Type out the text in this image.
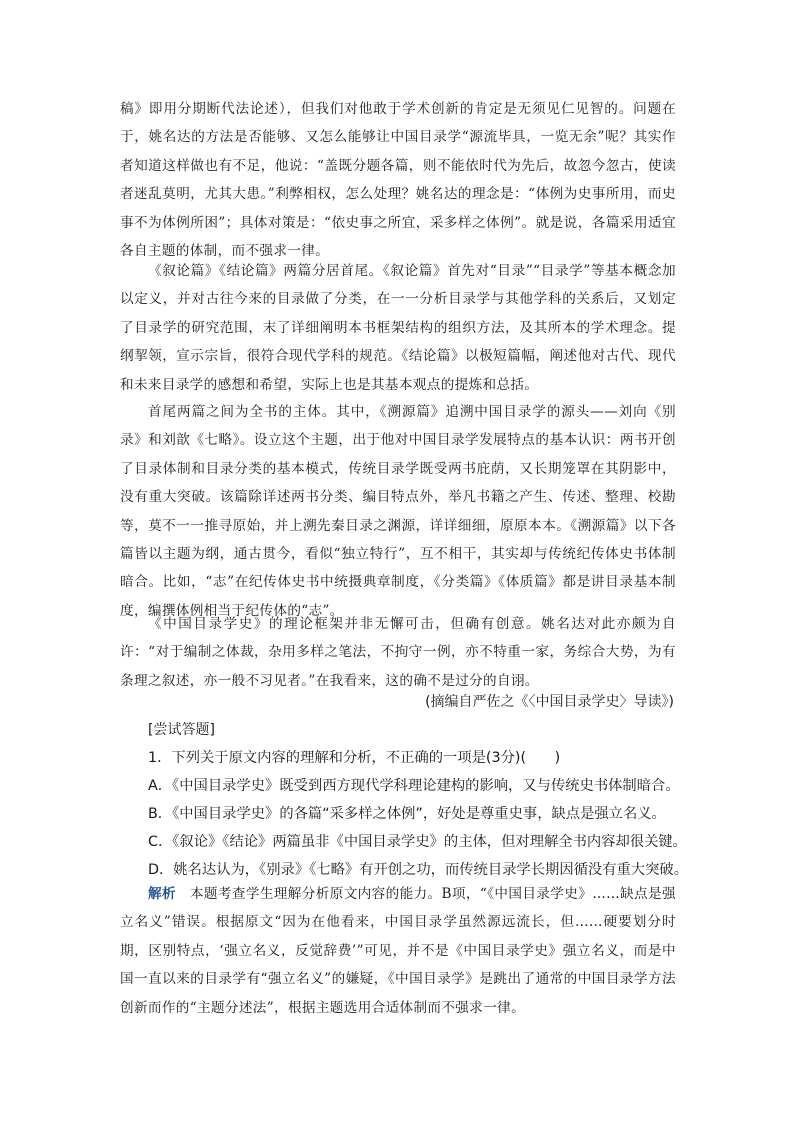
稿》即用分期断代法论述），但我们对他敢于学术创新的肯定是无须见仁见智的。问题在于，姚名达的方法是否能够、又怎么能够让中国目录学“源流毕具，一览无余”呢？其实作者知道这样做也有不足，他说：“盖既分题各篇，则不能依时代为先后，故忽今忽古，使读者迷乱莫明，尤其大患。”利弊相权，怎么处理？姚名达的理念是：“体例为史事所用，而史事不为体例所困”；具体对策是：“依史事之所宜，采多样之体例”。就是说，各篇采用适宜各自主题的体制，而不强求一律。

《叙论篇》《结论篇》两篇分居首尾。《叙论篇》首先对“目录”“目录学”等基本概念加以定义，并对古往今来的目录做了分类，在一一分析目录学与其他学科的关系后，又划定了目录学的研究范围，末了详细阐明本书框架结构的组织方法，及其所本的学术理念。提纲挈领，宣示宗旨，很符合现代学科的规范。《结论篇》以极短篇幅，阐述他对古代、现代和未来目录学的感想和希望，实际上也是其基本观点的提炼和总括。

首尾两篇之间为全书的主体。其中，《溯源篇》追溯中国目录学的源头——刘向《别录》和刘歆《七略》。设立这个主题，出于他对中国目录学发展特点的基本认识：两书开创了目录体制和目录分类的基本模式，传统目录学既受两书庇荫，又长期笼罩在其阴影中，没有重大突破。该篇除详述两书分类、编目特点外，举凡书籍之产生、传述、整理、校勘等，莫不一一推寻原始，并上溯先秦目录之渊源，详详细细，原原本本。《溯源篇》以下各篇皆以主题为纲，通古贯今，看似“独立特行”，互不相干，其实却与传统纪传体史书体制暗合。比如，“志”在纪传体史书中统摄典章制度，《分类篇》《体质篇》都是讲目录基本制度，编撰体例相当于纪传体的“志”。

《中国目录学史》的理论框架并非无懈可击，但确有创意。姚名达对此亦颇为自许：“对于编制之体裁，杂用多样之笔法，不拘守一例，亦不特重一家，务综合大势，为有条理之叙述，亦一般不习见者。”在我看来，这的确不是过分的自诩。

(摘编自严佐之《〈中国目录学史〉导读》)

[尝试答题]

1．下列关于原文内容的理解和分析，不正确的一项是(3分)(　　)

A．《中国目录学史》既受到西方现代学科理论建构的影响，又与传统史书体制暗合。

B．《中国目录学史》的各篇“采多样之体例”，好处是尊重史事，缺点是强立名义。

C．《叙论》《结论》两篇虽非《中国目录学史》的主体，但对理解全书内容却很关键。

D．姚名达认为，《别录》《七略》有开创之功，而传统目录学长期因循没有重大突破。

解析　本题考查学生理解分析原文内容的能力。B项，“《中国目录学史》……缺点是强立名义”错误。根据原文“因为在他看来，中国目录学虽然源远流长，但……硬要划分时期，区别特点，‘强立名义，反觉辞费’”可见，并不是《中国目录学史》强立名义，而是中国一直以来的目录学有“强立名义”的嫌疑，《中国目录学》是跳出了通常的中国目录学方法创新而作的“主题分述法”，根据主题选用合适体制而不强求一律。
